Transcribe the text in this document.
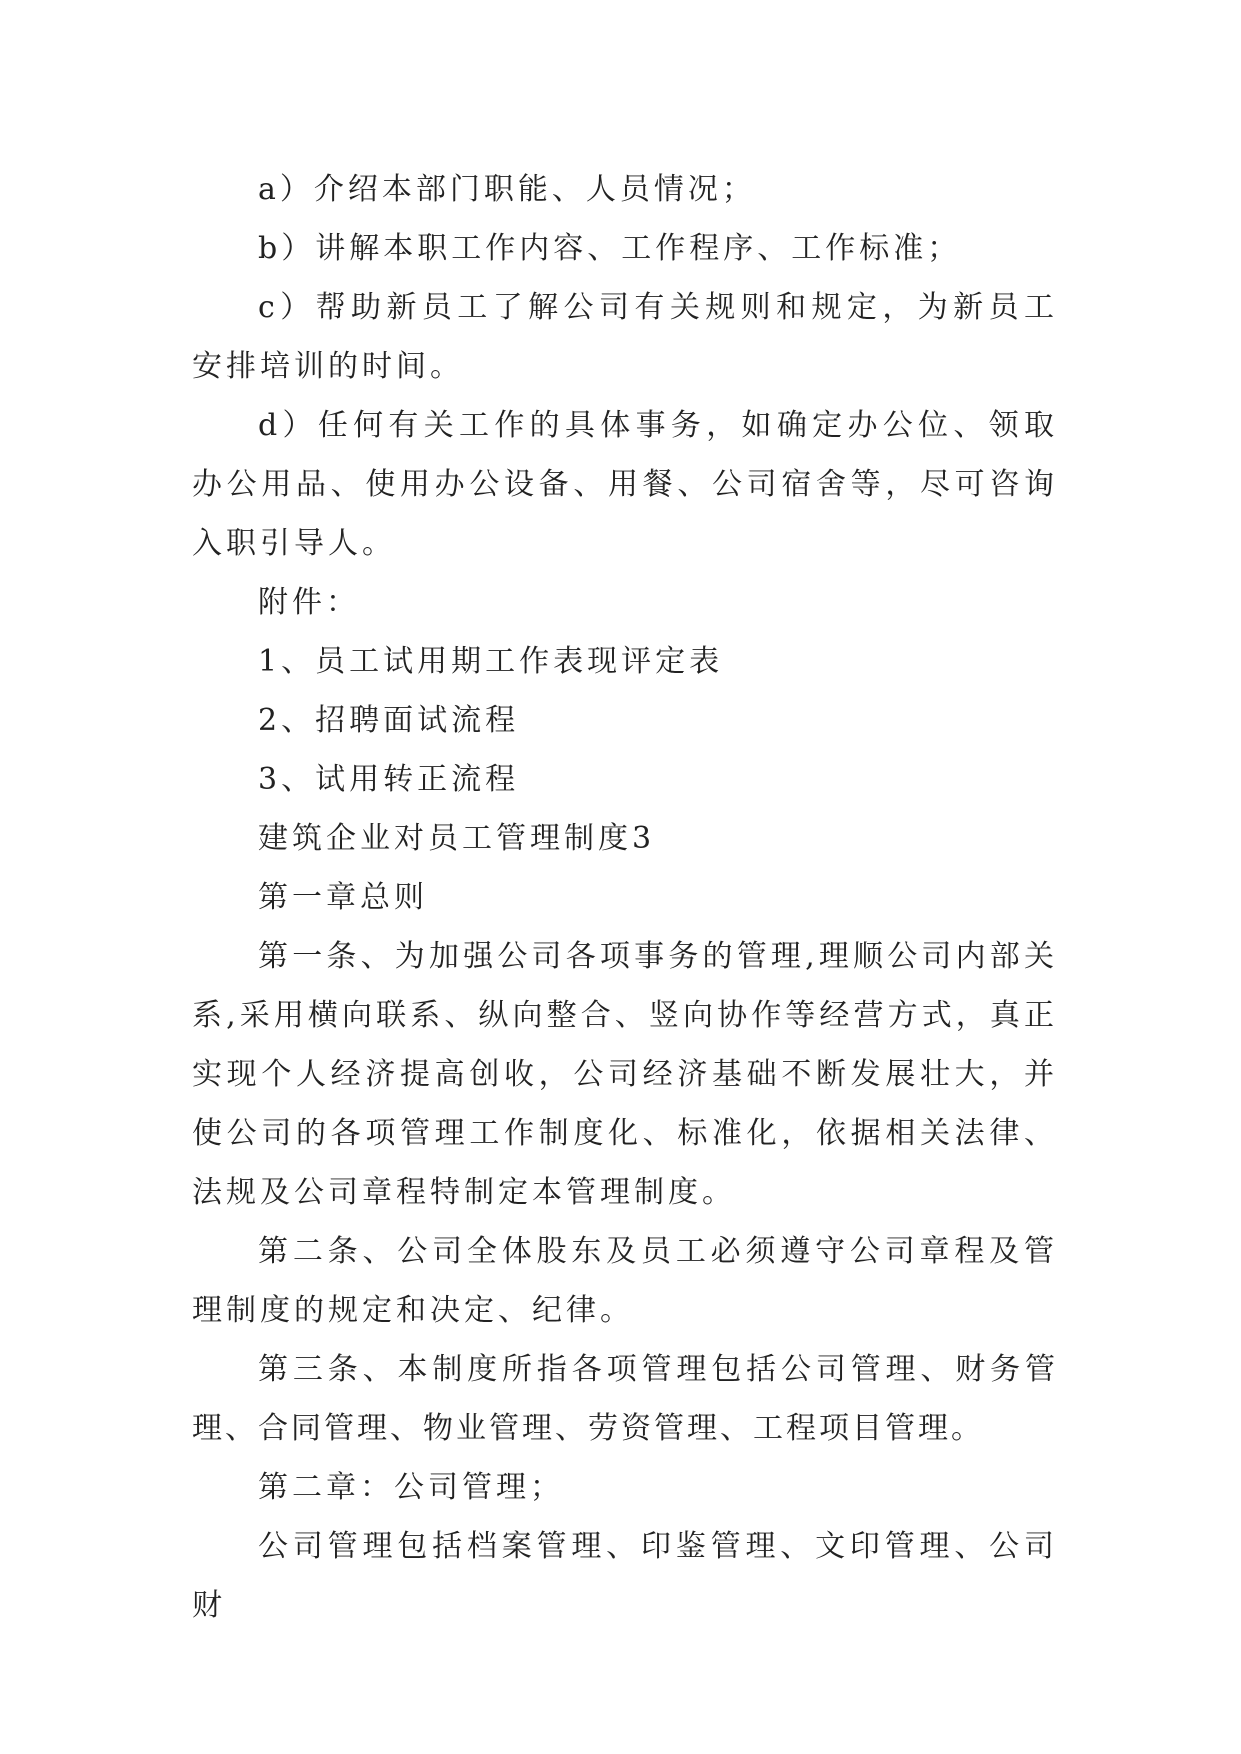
a）介绍本部门职能、人员情况；

b）讲解本职工作内容、工作程序、工作标准；

c）帮助新员工了解公司有关规则和规定，为新员工安排培训的时间。

d）任何有关工作的具体事务，如确定办公位、领取办公用品、使用办公设备、用餐、公司宿舍等，尽可咨询入职引导人。

附件：

1、员工试用期工作表现评定表

2、招聘面试流程

3、试用转正流程

建筑企业对员工管理制度3

第一章总则

第一条、为加强公司各项事务的管理,理顺公司内部关系,采用横向联系、纵向整合、竖向协作等经营方式，真正实现个人经济提高创收，公司经济基础不断发展壮大，并使公司的各项管理工作制度化、标准化，依据相关法律、法规及公司章程特制定本管理制度。

第二条、公司全体股东及员工必须遵守公司章程及管理制度的规定和决定、纪律。

第三条、本制度所指各项管理包括公司管理、财务管理、合同管理、物业管理、劳资管理、工程项目管理。

第二章：公司管理；

公司管理包括档案管理、印鉴管理、文印管理、公司财
